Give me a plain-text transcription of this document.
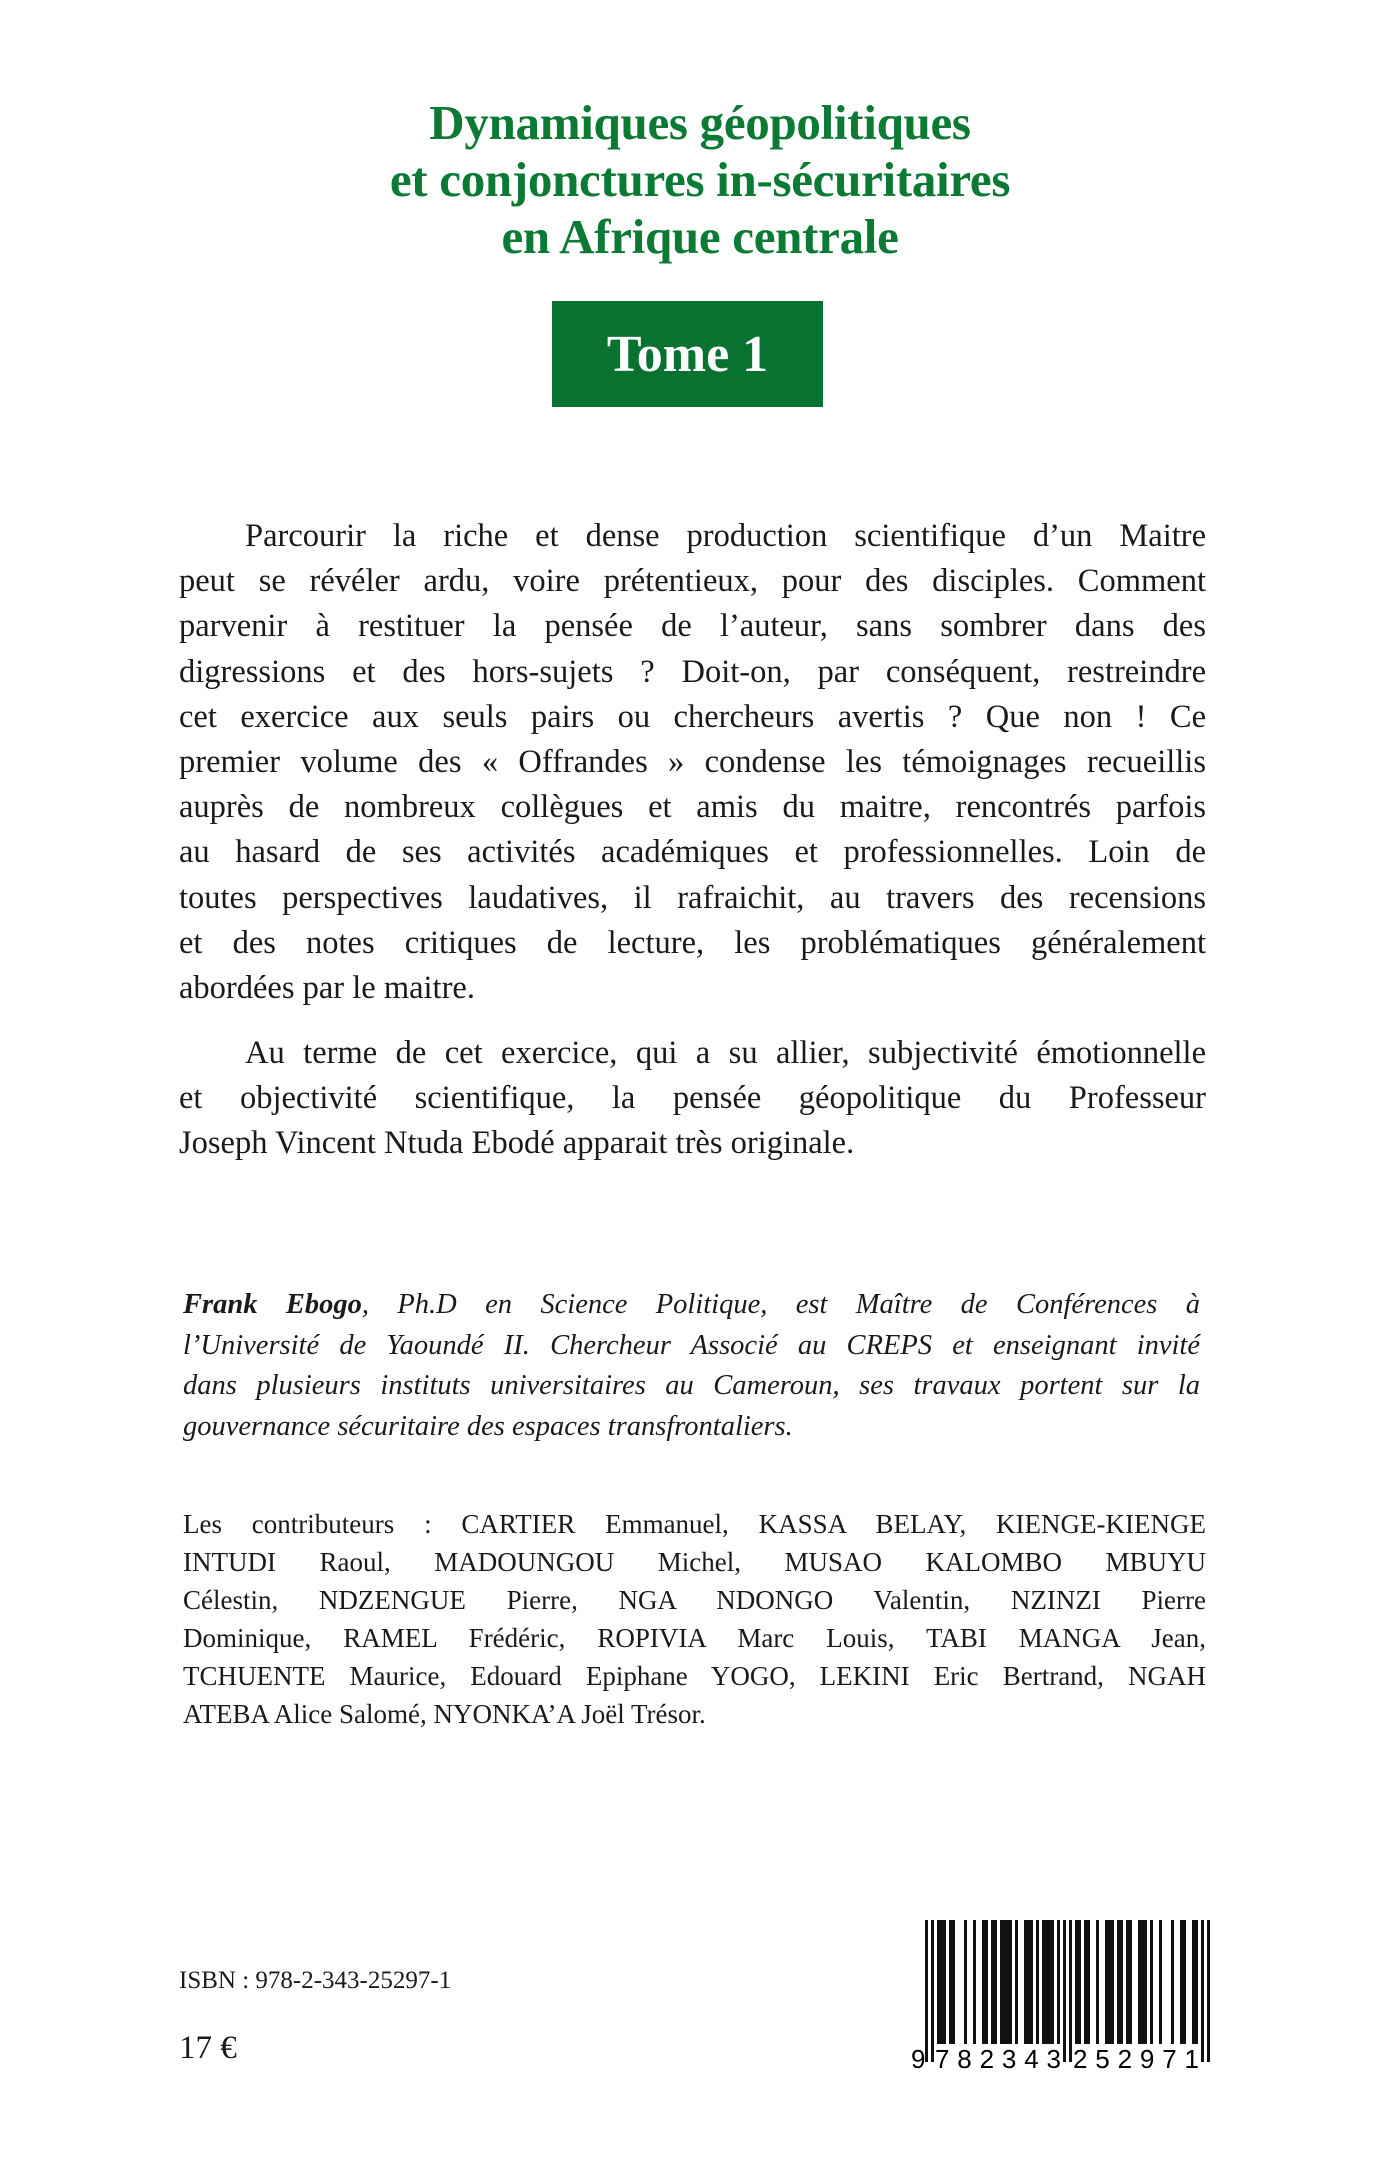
Dynamiques géopolitiques
et conjonctures in-sécuritaires
en Afrique centrale
Tome 1
Parcourir la riche et dense production scientifique d’un Maitre
peut se révéler ardu, voire prétentieux, pour des disciples. Comment
parvenir à restituer la pensée de l’auteur, sans sombrer dans des
digressions et des hors-sujets ? Doit-on, par conséquent, restreindre
cet exercice aux seuls pairs ou chercheurs avertis ? Que non ! Ce
premier volume des « Offrandes » condense les témoignages recueillis
auprès de nombreux collègues et amis du maitre, rencontrés parfois
au hasard de ses activités académiques et professionnelles. Loin de
toutes perspectives laudatives, il rafraichit, au travers des recensions
et des notes critiques de lecture, les problématiques généralement
abordées par le maitre.
Au terme de cet exercice, qui a su allier, subjectivité émotionnelle
et objectivité scientifique, la pensée géopolitique du Professeur
Joseph Vincent Ntuda Ebodé apparait très originale.
Frank Ebogo, Ph.D en Science Politique, est Maître de Conférences à
l’Université de Yaoundé II. Chercheur Associé au CREPS et enseignant invité
dans plusieurs instituts universitaires au Cameroun, ses travaux portent sur la
gouvernance sécuritaire des espaces transfrontaliers.
Les contributeurs : CARTIER Emmanuel, KASSA BELAY, KIENGE-KIENGE
INTUDI Raoul, MADOUNGOU Michel, MUSAO KALOMBO MBUYU
Célestin, NDZENGUE Pierre, NGA NDONGO Valentin, NZINZI Pierre
Dominique, RAMEL Frédéric, ROPIVIA Marc Louis, TABI MANGA Jean,
TCHUENTE Maurice, Edouard Epiphane YOGO, LEKINI Eric Bertrand, NGAH
ATEBA Alice Salomé, NYONKA’A Joël Trésor.
ISBN : 978-2-343-25297-1
17 €	9 782343 252971
